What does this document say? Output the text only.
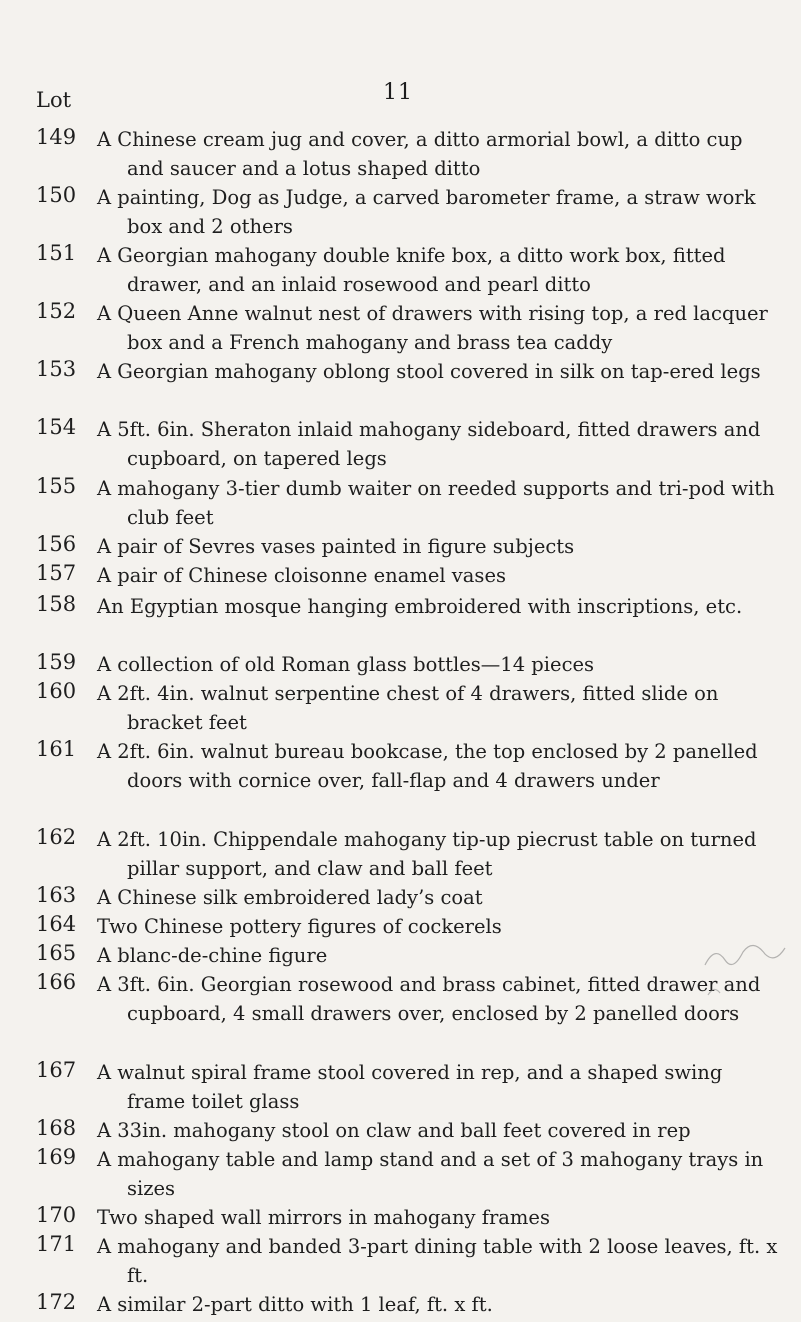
11
Lot
149 A Chinese cream jug and cover, a ditto armorial bowl, a ditto cup and saucer and a lotus shaped ditto
150 A painting, Dog as Judge, a carved barometer frame, a straw work box and 2 others
151 A Georgian mahogany double knife box, a ditto work box, fitted drawer, and an inlaid rosewood and pearl ditto
152 A Queen Anne walnut nest of drawers with rising top, a red lacquer box and a French mahogany and brass tea caddy
153 A Georgian mahogany oblong stool covered in silk on tap-ered legs
154 A 5ft. 6in. Sheraton inlaid mahogany sideboard, fitted drawers and cupboard, on tapered legs
155 A mahogany 3-tier dumb waiter on reeded supports and tri-pod with club feet
156 A pair of Sevres vases painted in figure subjects
157 A pair of Chinese cloisonne enamel vases
158 An Egyptian mosque hanging embroidered with inscriptions, etc.
159 A collection of old Roman glass bottles—14 pieces
160 A 2ft. 4in. walnut serpentine chest of 4 drawers, fitted slide on bracket feet
161 A 2ft. 6in. walnut bureau bookcase, the top enclosed by 2 panelled doors with cornice over, fall-flap and 4 drawers under
162 A 2ft. 10in. Chippendale mahogany tip-up piecrust table on turned pillar support, and claw and ball feet
163 A Chinese silk embroidered lady’s coat
164 Two Chinese pottery figures of cockerels
165 A blanc-de-chine figure
166 A 3ft. 6in. Georgian rosewood and brass cabinet, fitted drawer and cupboard, 4 small drawers over, enclosed by 2 panelled doors
167 A walnut spiral frame stool covered in rep, and a shaped swing frame toilet glass
168 A 33in. mahogany stool on claw and ball feet covered in rep
169 A mahogany table and lamp stand and a set of 3 mahogany trays in sizes
170 Two shaped wall mirrors in mahogany frames
171 A mahogany and banded 3-part dining table with 2 loose leaves, ft. x ft.
172 A similar 2-part ditto with 1 leaf, ft. x ft.
